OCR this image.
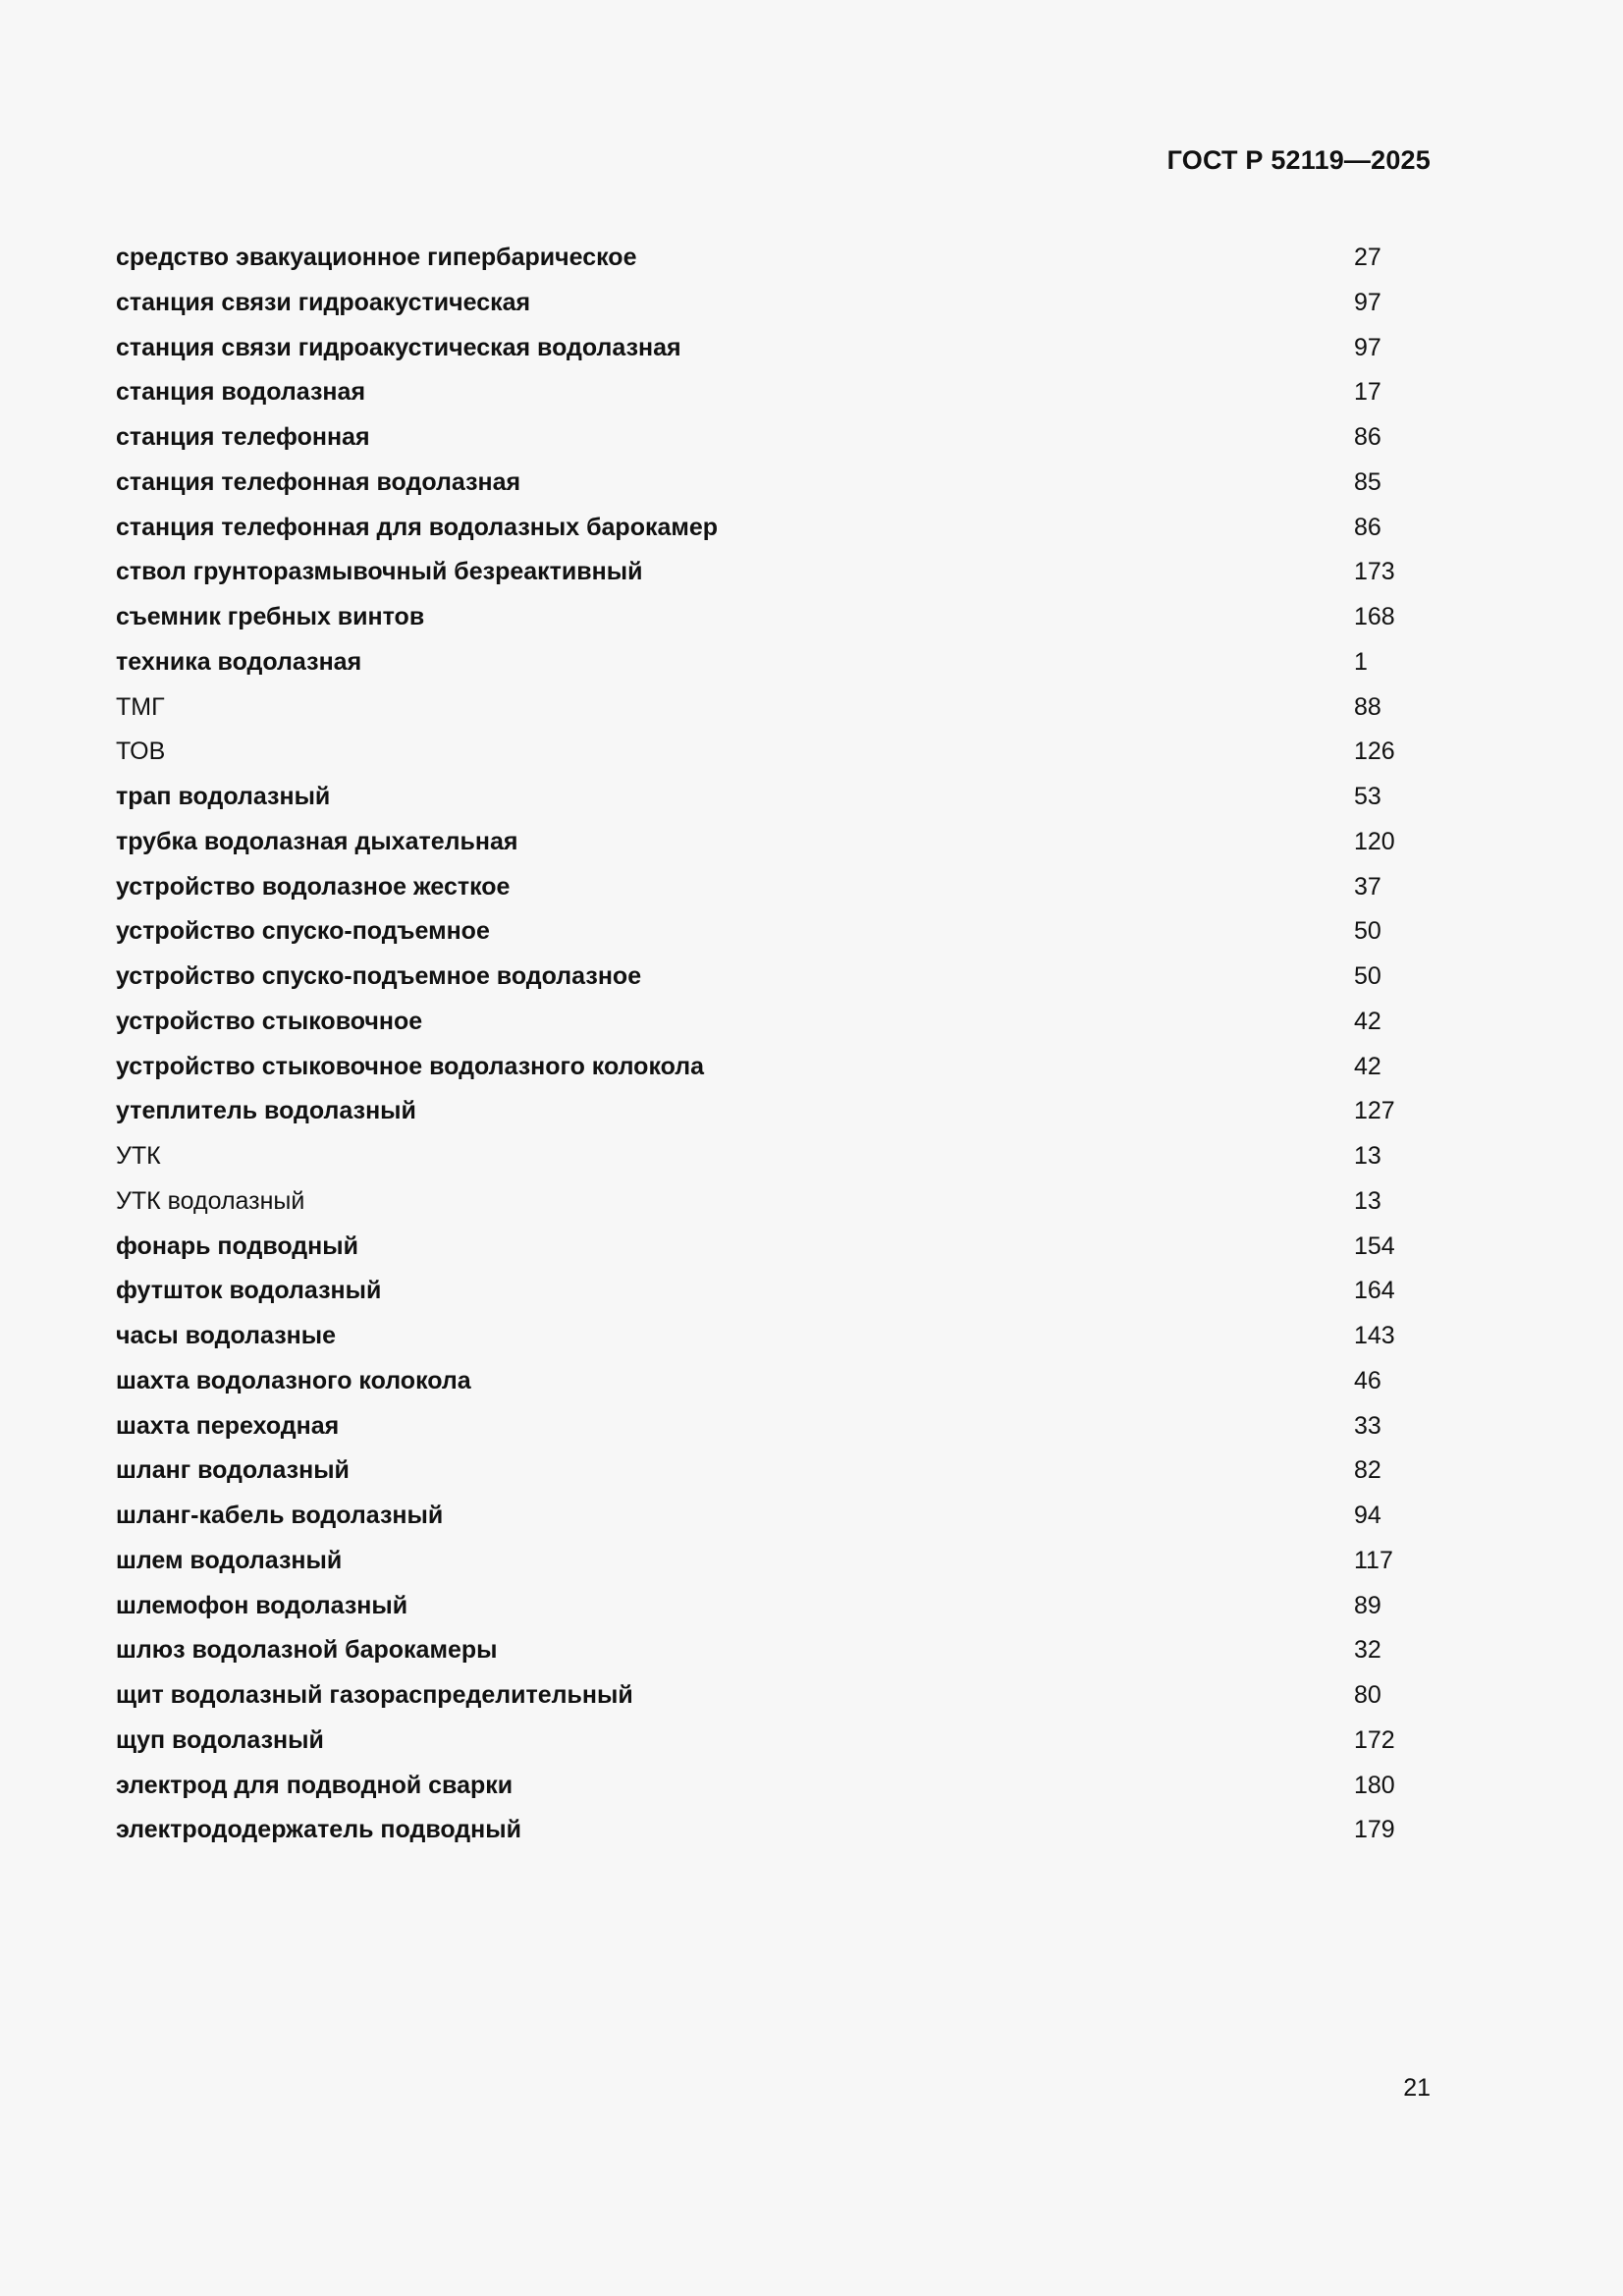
ГОСТ Р 52119—2025
средство эвакуационное гипербарическое	27
станция связи гидроакустическая	97
станция связи гидроакустическая водолазная	97
станция водолазная	17
станция телефонная	86
станция телефонная водолазная	85
станция телефонная для водолазных барокамер	86
ствол грунторазмывочный безреактивный	173
съемник гребных винтов	168
техника водолазная	1
ТМГ	88
ТОВ	126
трап водолазный	53
трубка водолазная дыхательная	120
устройство водолазное жесткое	37
устройство спуско-подъемное	50
устройство спуско-подъемное водолазное	50
устройство стыковочное	42
устройство стыковочное водолазного колокола	42
утеплитель водолазный	127
УТК	13
УТК водолазный	13
фонарь подводный	154
футшток водолазный	164
часы водолазные	143
шахта водолазного колокола	46
шахта переходная	33
шланг водолазный	82
шланг-кабель водолазный	94
шлем водолазный	117
шлемофон водолазный	89
шлюз водолазной барокамеры	32
щит водолазный газораспределительный	80
щуп водолазный	172
электрод для подводной сварки	180
электрододержатель подводный	179
21
